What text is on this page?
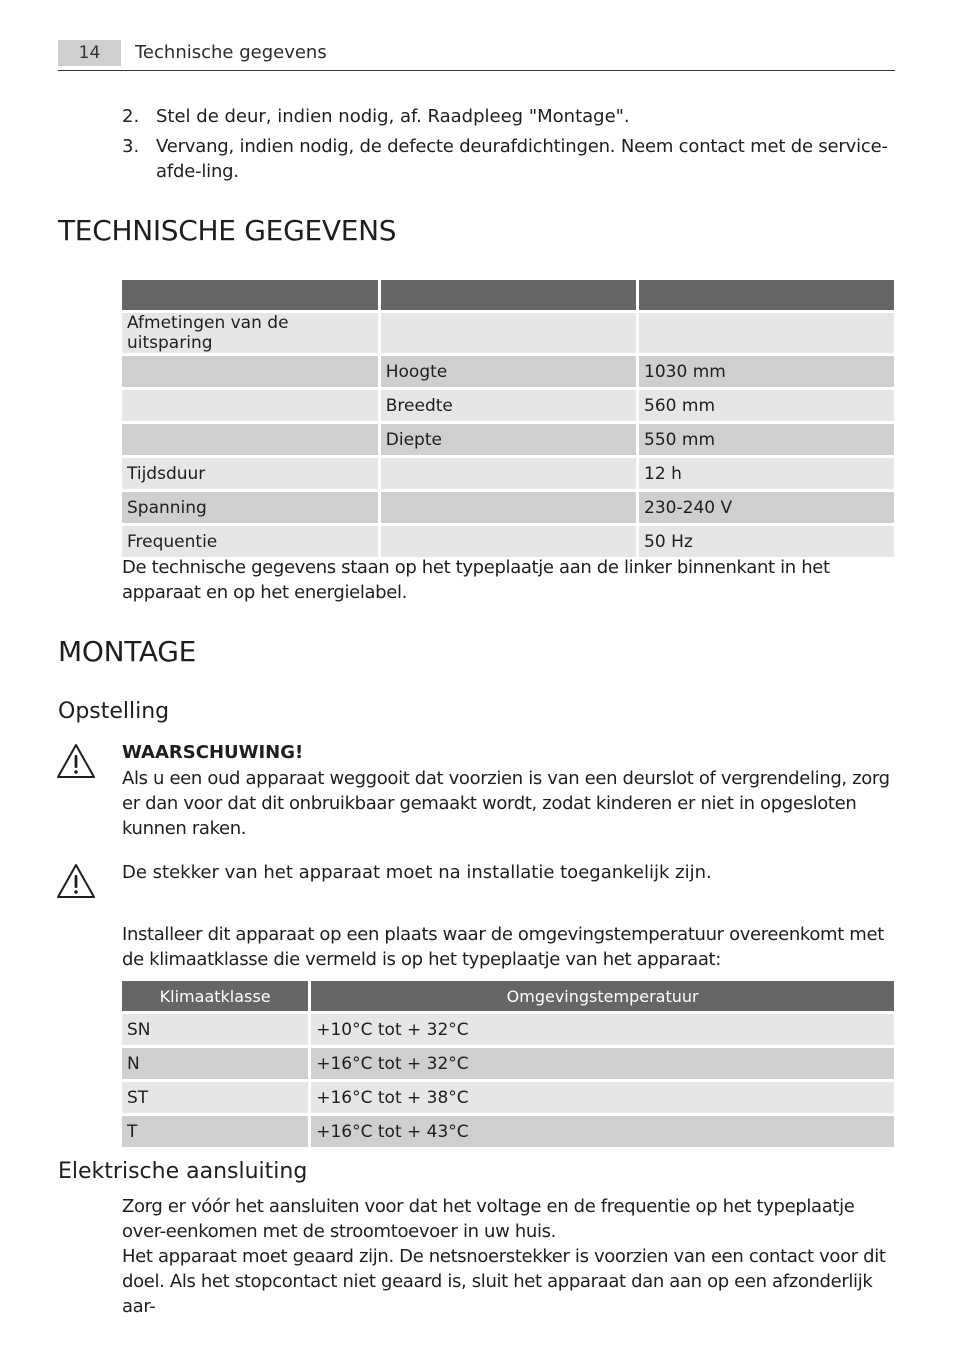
14	Technische gegevens
2. Stel de deur, indien nodig, af. Raadpleeg "Montage".
3. Vervang, indien nodig, de defecte deurafdichtingen. Neem contact met de service-afde-ling.
TECHNISCHE GEGEVENS

Afmetingen van de uitsparing		
	Hoogte	1030 mm
	Breedte	560 mm
	Diepte	550 mm
Tijdsduur		12 h
Spanning		230-240 V
Frequentie		50 Hz
De technische gegevens staan op het typeplaatje aan de linker binnenkant in het apparaat en op het energielabel.
MONTAGE
Opstelling
WAARSCHUWING!
Als u een oud apparaat weggooit dat voorzien is van een deurslot of vergrendeling, zorg er dan voor dat dit onbruikbaar gemaakt wordt, zodat kinderen er niet in opgesloten kunnen raken.
De stekker van het apparaat moet na installatie toegankelijk zijn.
Installeer dit apparaat op een plaats waar de omgevingstemperatuur overeenkomt met de klimaatklasse die vermeld is op het typeplaatje van het apparaat:
Klimaatklasse	Omgevingstemperatuur
SN	+10°C tot + 32°C
N	+16°C tot + 32°C
ST	+16°C tot + 38°C
T	+16°C tot + 43°C
Elektrische aansluiting
Zorg er vóór het aansluiten voor dat het voltage en de frequentie op het typeplaatje over-eenkomen met de stroomtoevoer in uw huis.
Het apparaat moet geaard zijn. De netsnoerstekker is voorzien van een contact voor dit doel. Als het stopcontact niet geaard is, sluit het apparaat dan aan op een afzonderlijk aar-
